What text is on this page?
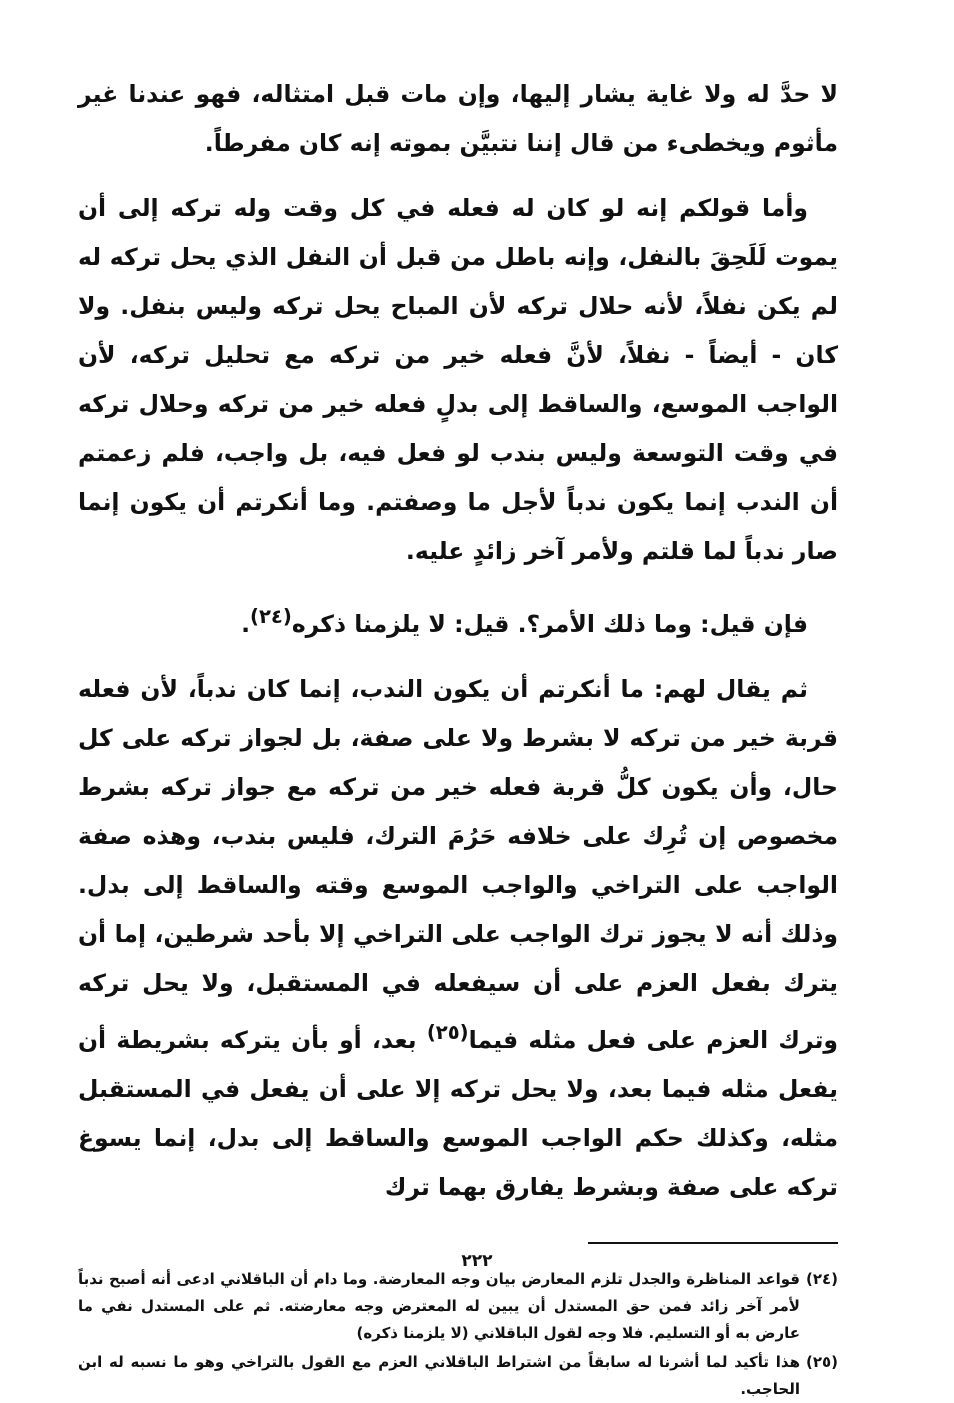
لا حدَّ له ولا غاية يشار إليها، وإن مات قبل امتثاله، فهو عندنا غير مأثوم ويخطىء من قال إننا نتبيَّن بموته إنه كان مفرطاً.

وأما قولكم إنه لو كان له فعله في كل وقت وله تركه إلى أن يموت لَلَحِقَ بالنفل، وإنه باطل من قبل أن النفل الذي يحل تركه له لم يكن نفلاً، لأنه حلال تركه لأن المباح يحل تركه وليس بنفل. ولا كان - أيضاً - نفلاً، لأنَّ فعله خير من تركه مع تحليل تركه، لأن الواجب الموسع، والساقط إلى بدلٍ فعله خير من تركه وحلال تركه في وقت التوسعة وليس بندب لو فعل فيه، بل واجب، فلم زعمتم أن الندب إنما يكون ندباً لأجل ما وصفتم. وما أنكرتم أن يكون إنما صار ندباً لما قلتم ولأمر آخر زائدٍ عليه.

فإن قيل: وما ذلك الأمر؟. قيل: لا يلزمنا ذكره$^{(٢٤)}$.

ثم يقال لهم: ما أنكرتم أن يكون الندب، إنما كان ندباً، لأن فعله قربة خير من تركه لا بشرط ولا على صفة، بل لجواز تركه على كل حال، وأن يكون كلُّ قربة فعله خير من تركه مع جواز تركه بشرط مخصوص إن تُرِك على خلافه حَرُمَ الترك، فليس بندب، وهذه صفة الواجب على التراخي والواجب الموسع وقته والساقط إلى بدل. وذلك أنه لا يجوز ترك الواجب على التراخي إلا بأحد شرطين، إما أن يترك بفعل العزم على أن سيفعله في المستقبل، ولا يحل تركه وترك العزم على فعل مثله فيما$^{(٢٥)}$ بعد، أو بأن يتركه بشريطة أن يفعل مثله فيما بعد، ولا يحل تركه إلا على أن يفعل في المستقبل مثله، وكذلك حكم الواجب الموسع والساقط إلى بدل، إنما يسوغ تركه على صفة وبشرط يفارق بهما ترك

(٢٤)
قواعد المناظرة والجدل تلزم المعارض بيان وجه المعارضة. وما دام أن الباقلاني ادعى أنه أصبح ندباً لأمر آخر زائد فمن حق المستدل أن يبين له المعترض وجه معارضته. ثم على المستدل نفي ما عارض به أو التسليم. فلا وجه لقول الباقلاني (لا يلزمنا ذكره)
(٢٥)
هذا تأكيد لما أشرنا له سابقاً من اشتراط الباقلاني العزم مع القول بالتراخي وهو ما نسبه له ابن الحاجب.
٢٢٢
